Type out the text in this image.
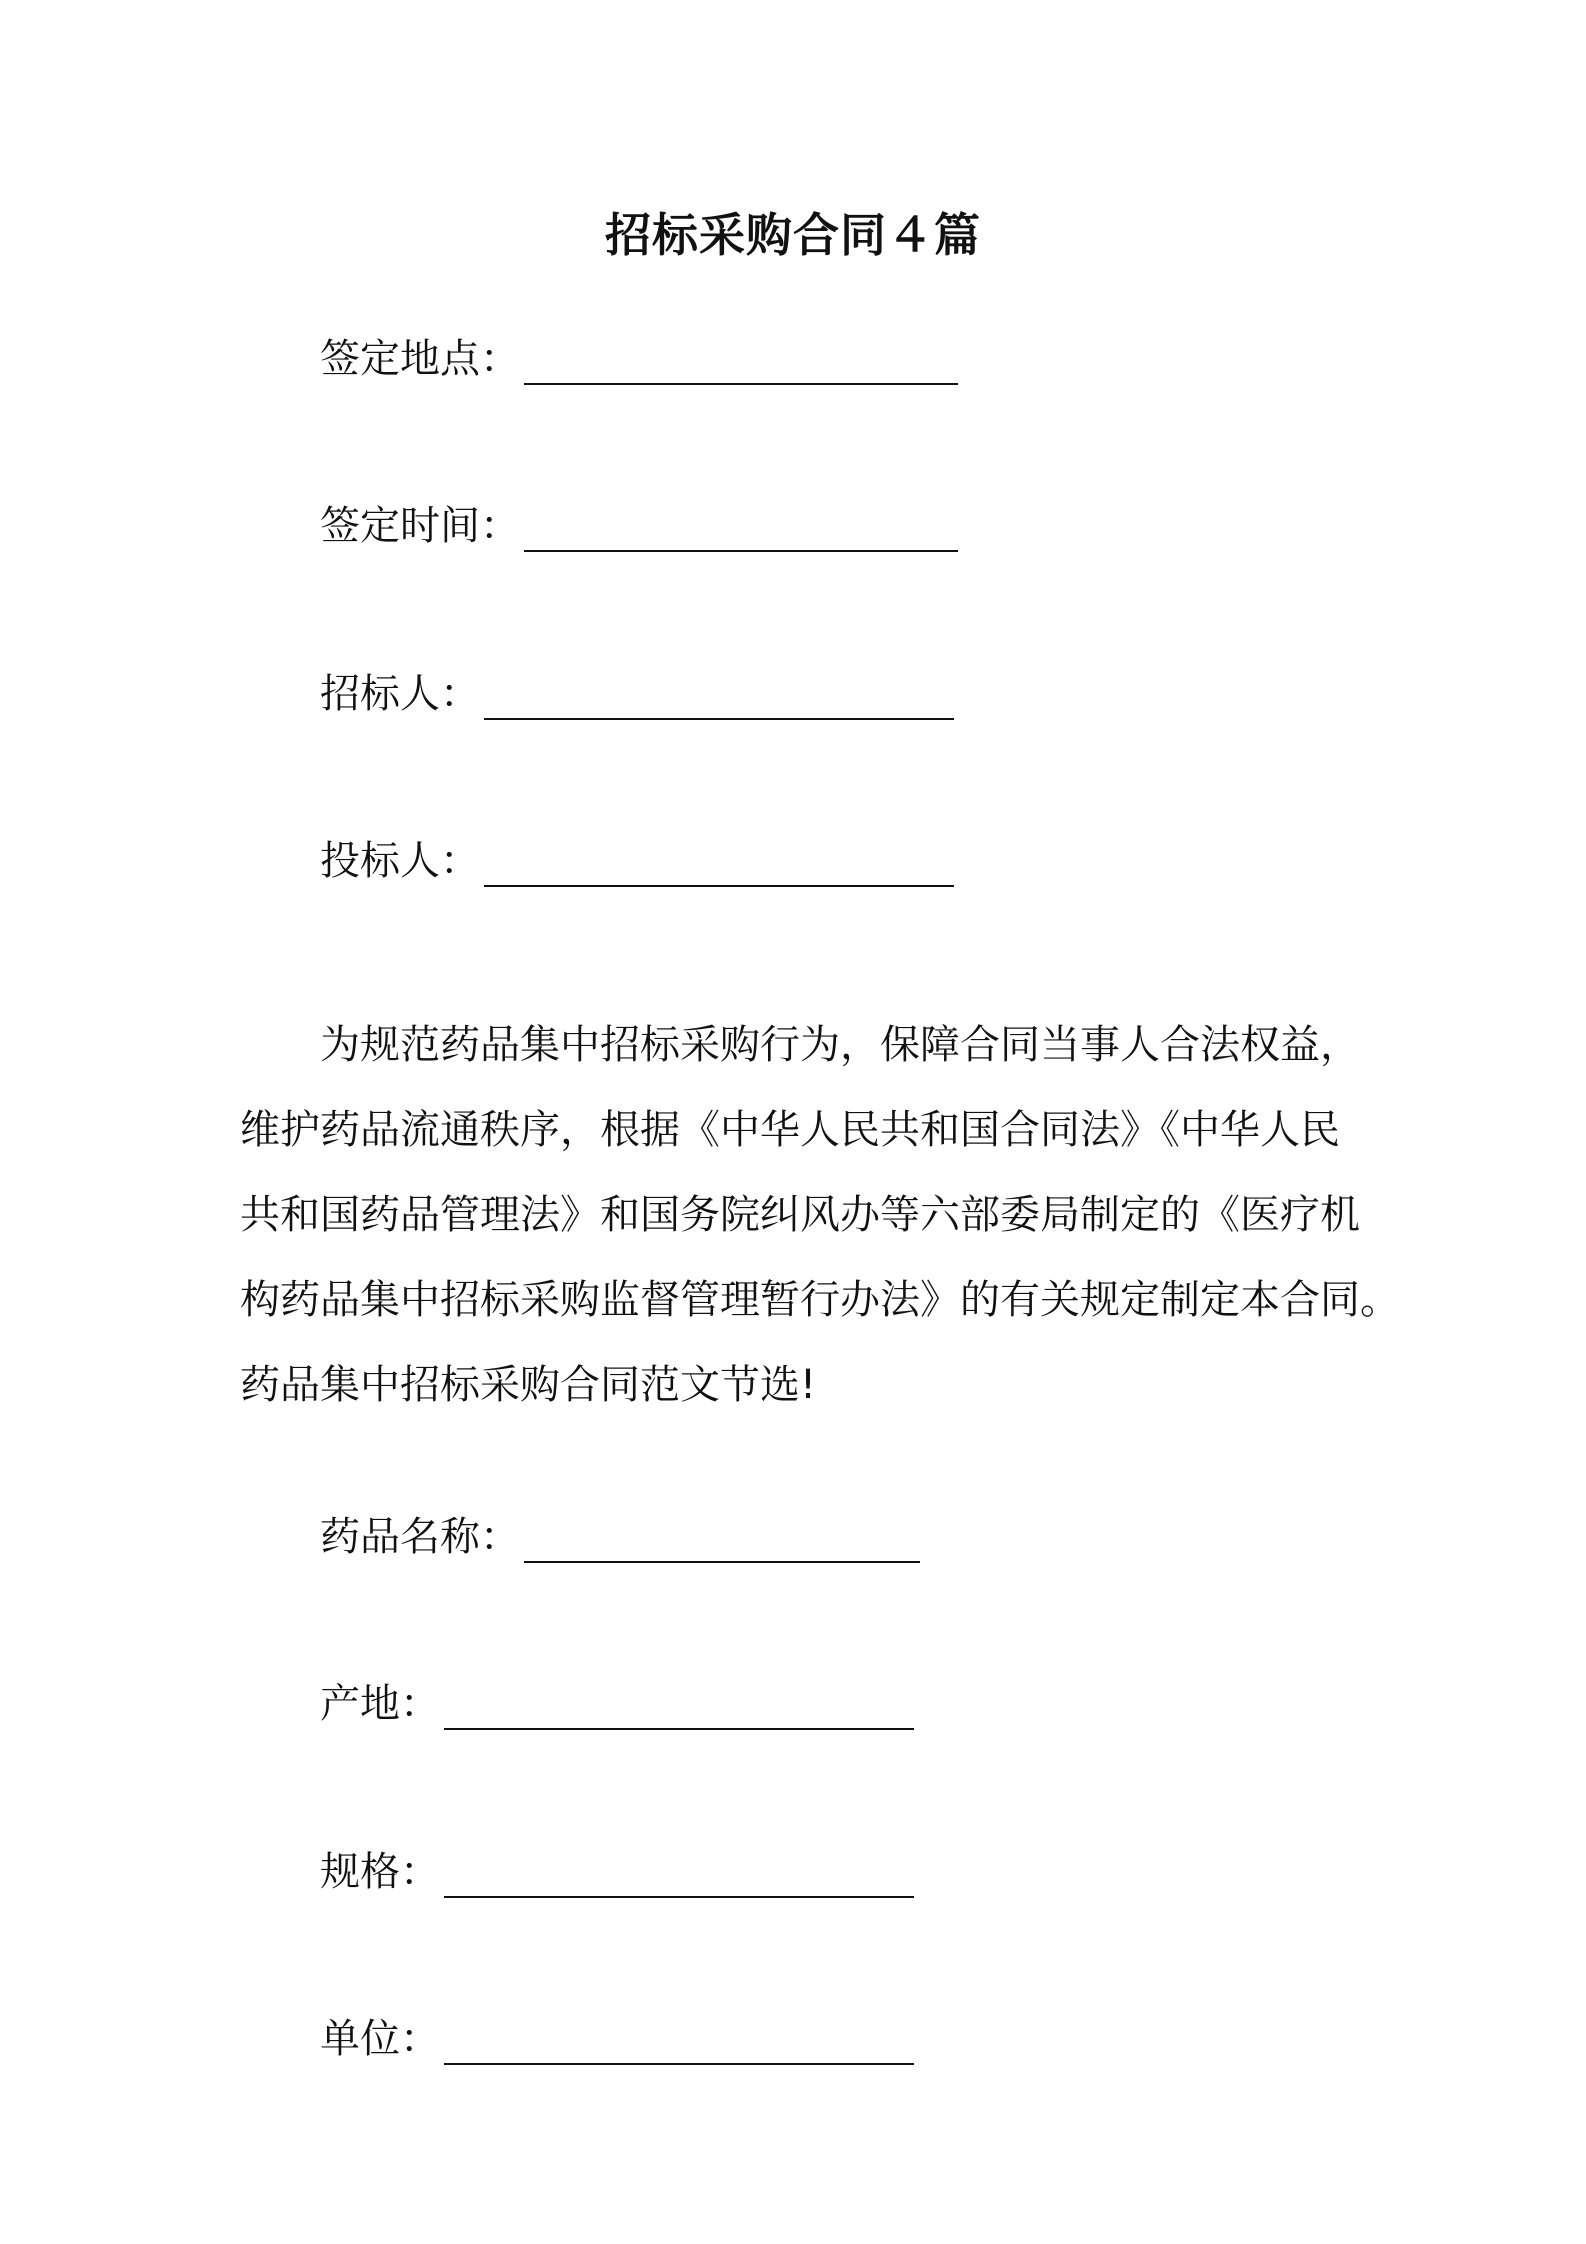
招标采购合同４篇
签定地点：
签定时间：
招标人：
投标人：
为规范药品集中招标采购行为，保障合同当事人合法权益，
维护药品流通秩序，根据《中华人民共和国合同法》《中华人民
共和国药品管理法》和国务院纠风办等六部委局制定的《医疗机
构药品集中招标采购监督管理暂行办法》的有关规定制定本合同。
药品集中招标采购合同范文节选!
药品名称：
产地：
规格：
单位：
